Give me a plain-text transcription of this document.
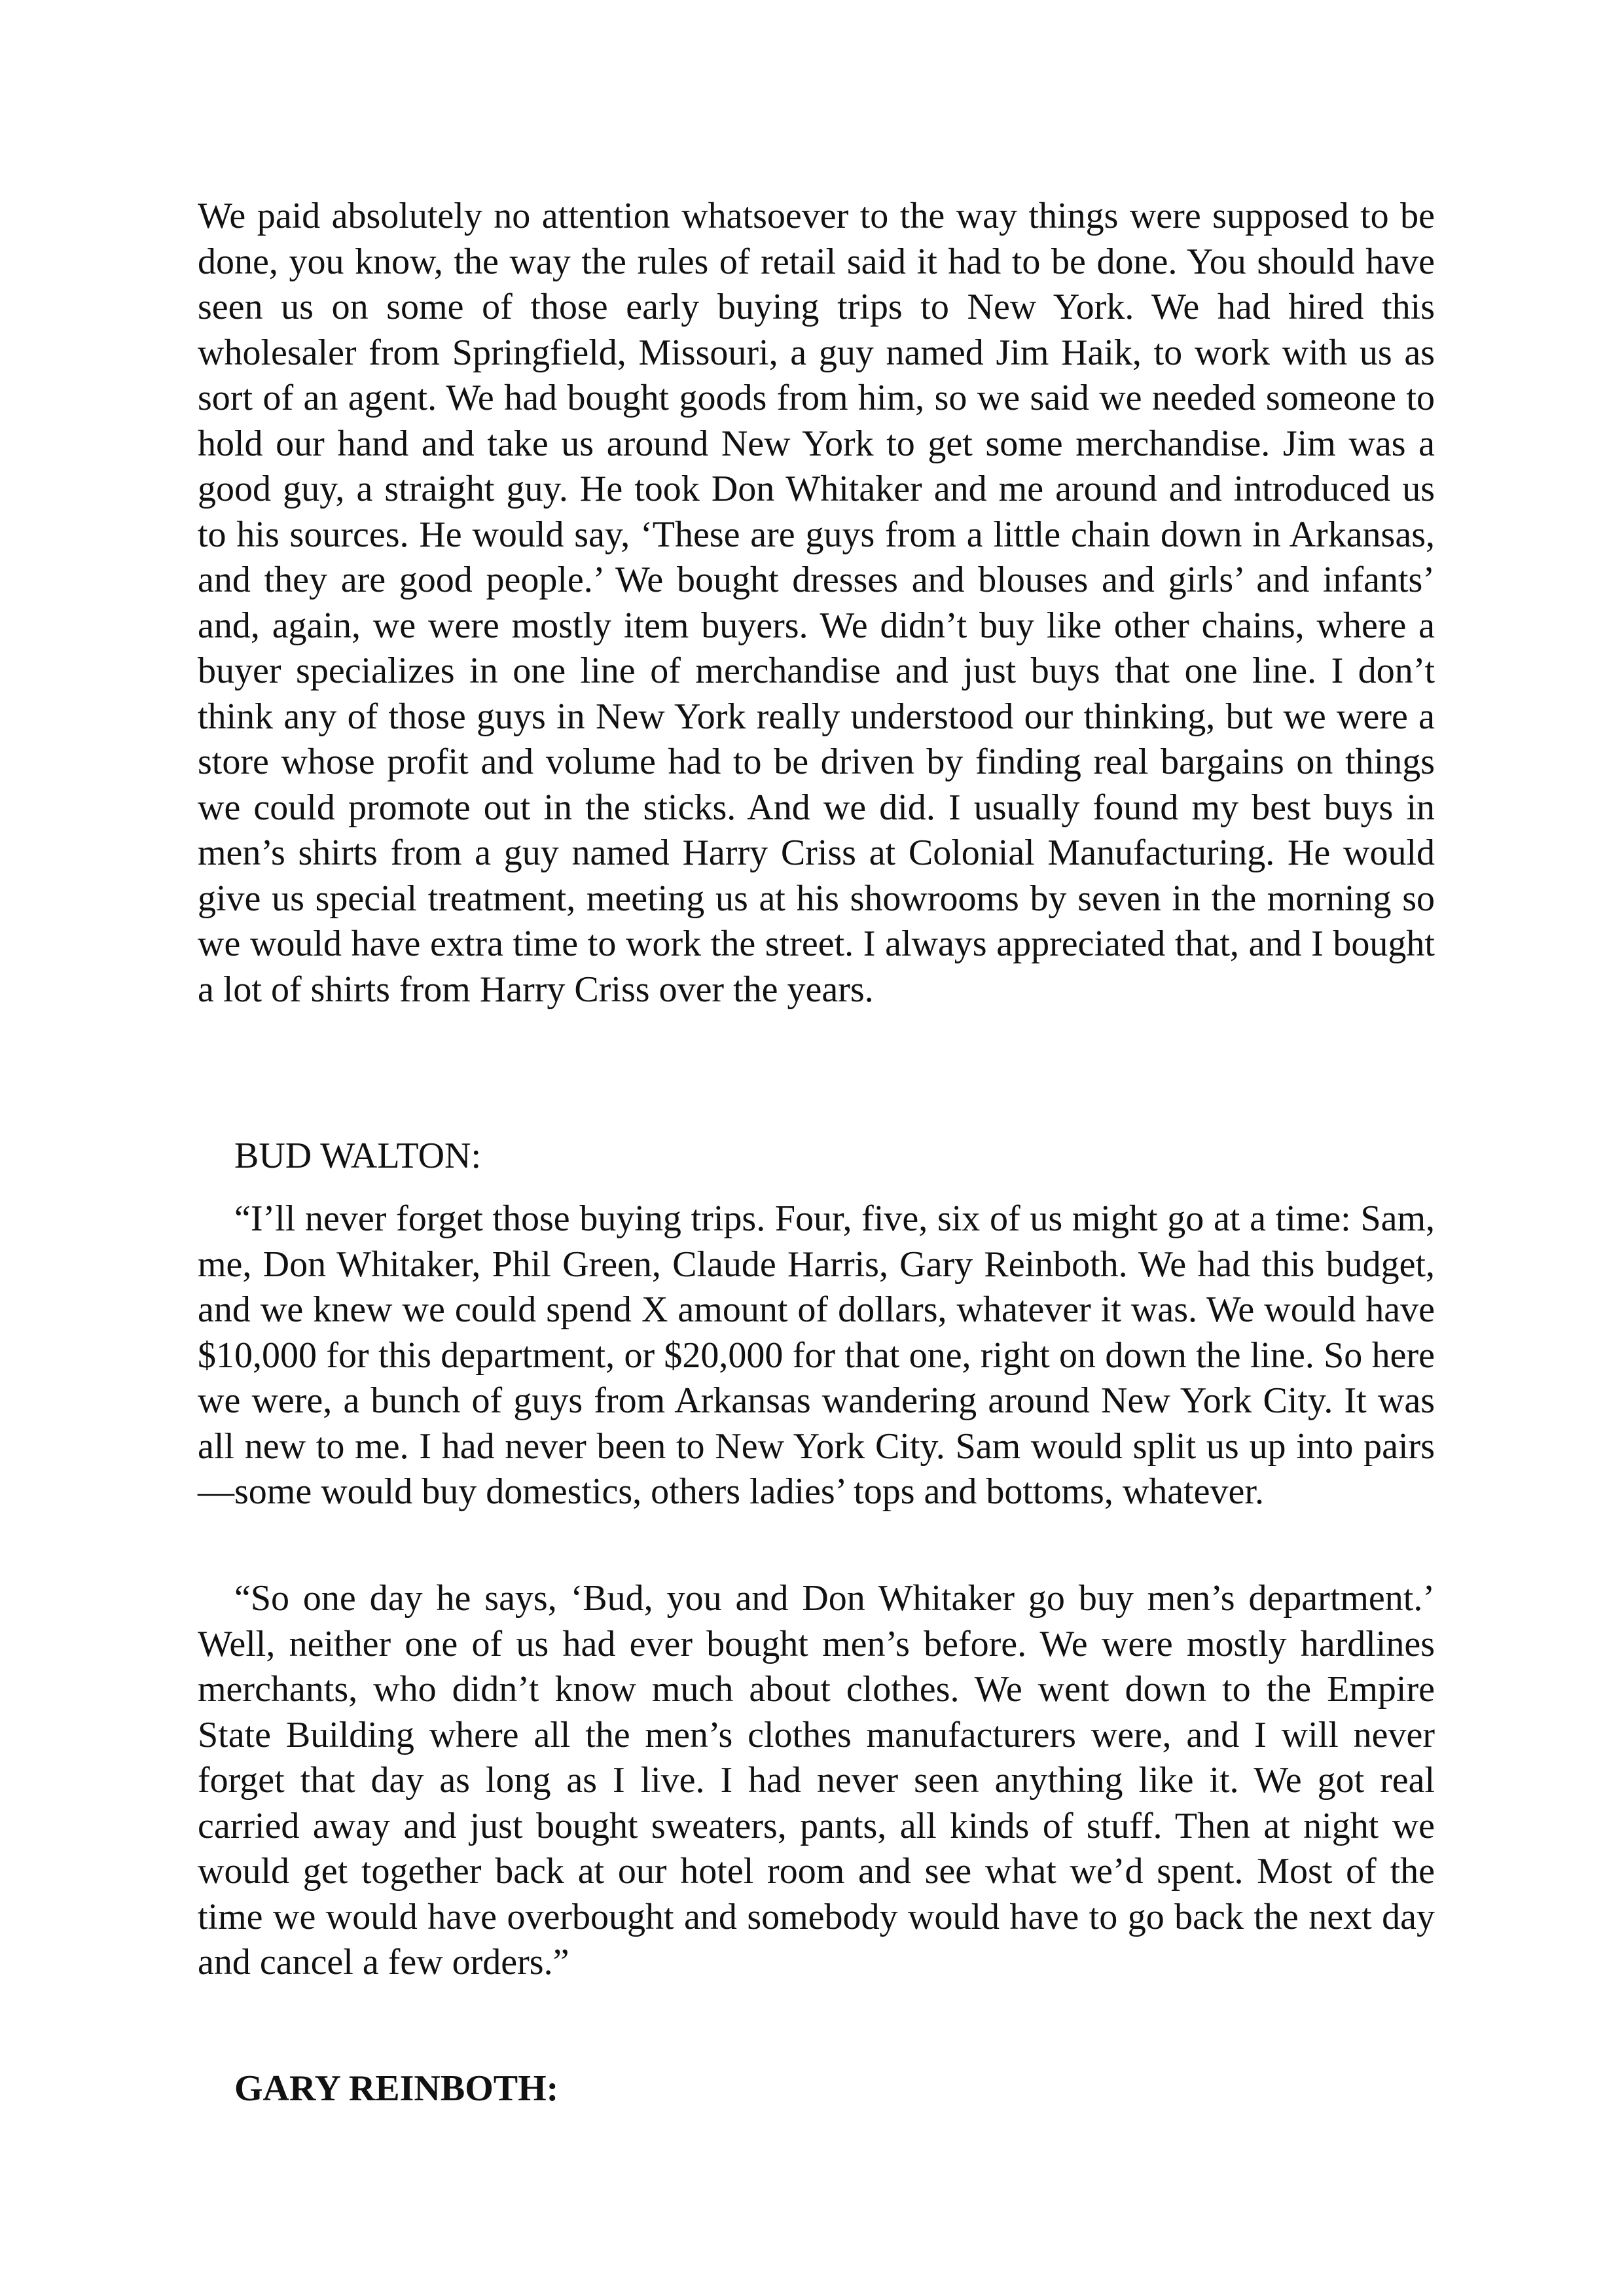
We paid absolutely no attention whatsoever to the way things were supposed to be done, you know, the way the rules of retail said it had to be done. You should have seen us on some of those early buying trips to New York. We had hired this wholesaler from Springfield, Missouri, a guy named Jim Haik, to work with us as sort of an agent. We had bought goods from him, so we said we needed someone to hold our hand and take us around New York to get some merchandise. Jim was a good guy, a straight guy. He took Don Whitaker and me around and introduced us to his sources. He would say, ‘These are guys from a little chain down in Arkansas, and they are good people.’ We bought dresses and blouses and girls’ and infants’ and, again, we were mostly item buyers. We didn’t buy like other chains, where a buyer specializes in one line of merchandise and just buys that one line. I don’t think any of those guys in New York really understood our thinking, but we were a store whose profit and volume had to be driven by finding real bargains on things we could promote out in the sticks. And we did. I usually found my best buys in men’s shirts from a guy named Harry Criss at Colonial Manufacturing. He would give us special treatment, meeting us at his showrooms by seven in the morning so we would have extra time to work the street. I always appreciated that, and I bought a lot of shirts from Harry Criss over the years.

BUD WALTON:

“I’ll never forget those buying trips. Four, five, six of us might go at a time: Sam, me, Don Whitaker, Phil Green, Claude Harris, Gary Reinboth. We had this budget, and we knew we could spend X amount of dollars, whatever it was. We would have $10,000 for this department, or $20,000 for that one, right on down the line. So here we were, a bunch of guys from Arkansas wandering around New York City. It was all new to me. I had never been to New York City. Sam would split us up into pairs—some would buy domestics, others ladies’ tops and bottoms, whatever.

“So one day he says, ‘Bud, you and Don Whitaker go buy men’s department.’ Well, neither one of us had ever bought men’s before. We were mostly hardlines merchants, who didn’t know much about clothes. We went down to the Empire State Building where all the men’s clothes manufacturers were, and I will never forget that day as long as I live. I had never seen anything like it. We got real carried away and just bought sweaters, pants, all kinds of stuff. Then at night we would get together back at our hotel room and see what we’d spent. Most of the time we would have overbought and somebody would have to go back the next day and cancel a few orders.”

GARY REINBOTH:
